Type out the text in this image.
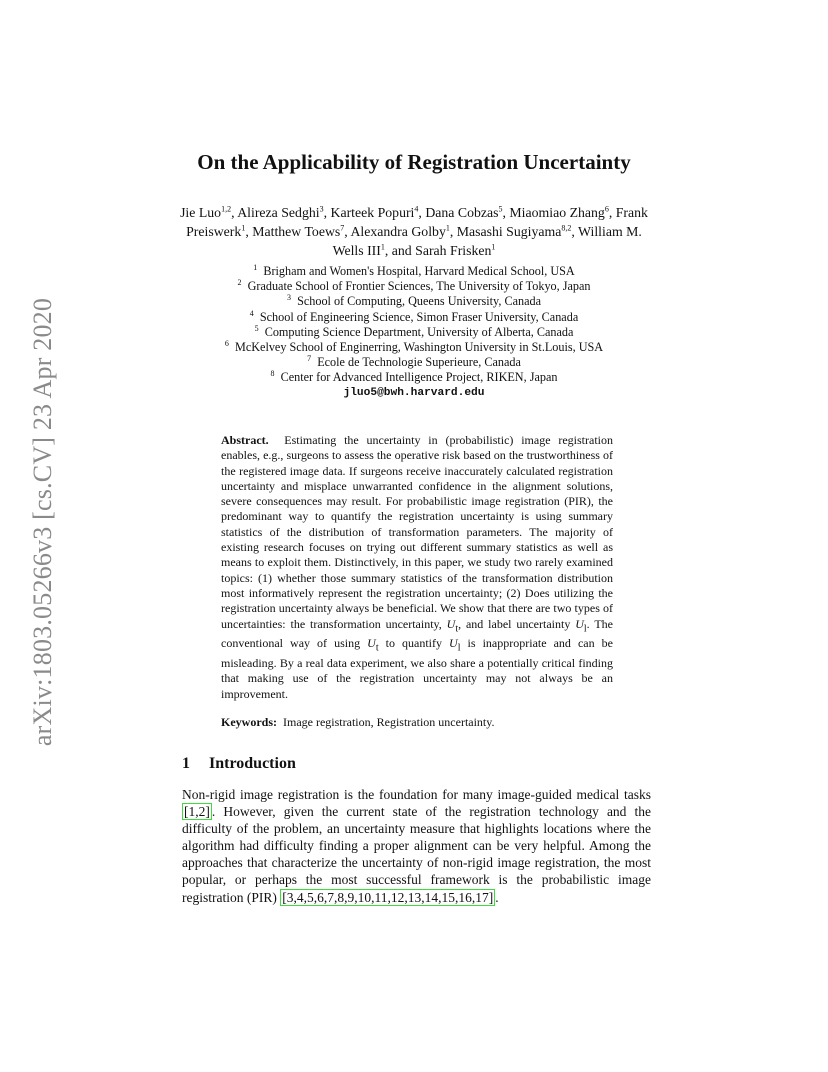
arXiv:1803.05266v3 [cs.CV] 23 Apr 2020
On the Applicability of Registration Uncertainty
Jie Luo$^{1,2}$, Alireza Sedghi$^3$, Karteek Popuri$^4$, Dana Cobzas$^5$, Miaomiao Zhang$^6$, Frank Preiswerk$^1$, Matthew Toews$^7$, Alexandra Golby$^1$, Masashi Sugiyama$^{8,2}$, William M. Wells III$^1$, and Sarah Frisken$^1$
$^1$ Brigham and Women's Hospital, Harvard Medical School, USA
$^2$ Graduate School of Frontier Sciences, The University of Tokyo, Japan
$^3$ School of Computing, Queens University, Canada
$^4$ School of Engineering Science, Simon Fraser University, Canada
$^5$ Computing Science Department, University of Alberta, Canada
$^6$ McKelvey School of Enginerring, Washington University in St.Louis, USA
$^7$ Ecole de Technologie Superieure, Canada
$^8$ Center for Advanced Intelligence Project, RIKEN, Japan
jluo5@bwh.harvard.edu

Abstract. Estimating the uncertainty in (probabilistic) image registration enables, e.g., surgeons to assess the operative risk based on the trustworthiness of the registered image data. If surgeons receive inaccurately calculated registration uncertainty and misplace unwarranted confidence in the alignment solutions, severe consequences may result. For probabilistic image registration (PIR), the predominant way to quantify the registration uncertainty is using summary statistics of the distribution of transformation parameters. The majority of existing research focuses on trying out different summary statistics as well as means to exploit them. Distinctively, in this paper, we study two rarely examined topics: (1) whether those summary statistics of the transformation distribution most informatively represent the registration uncertainty; (2) Does utilizing the registration uncertainty always be beneficial. We show that there are two types of uncertainties: the transformation uncertainty, $U_t$, and label uncertainty $U_l$. The conventional way of using $U_t$ to quantify $U_l$ is inappropriate and can be misleading. By a real data experiment, we also share a potentially critical finding that making use of the registration uncertainty may not always be an improvement.

Keywords: Image registration, Registration uncertainty.
1 Introduction

Non-rigid image registration is the foundation for many image-guided medical tasks [1,2] . However, given the current state of the registration technology and the difficulty of the problem, an uncertainty measure that highlights locations where the algorithm had difficulty finding a proper alignment can be very helpful. Among the approaches that characterize the uncertainty of non-rigid image registration, the most popular, or perhaps the most successful framework is the probabilistic image registration (PIR) [3,4,5,6,7,8,9,10,11,12,13,14,15,16,17] .
